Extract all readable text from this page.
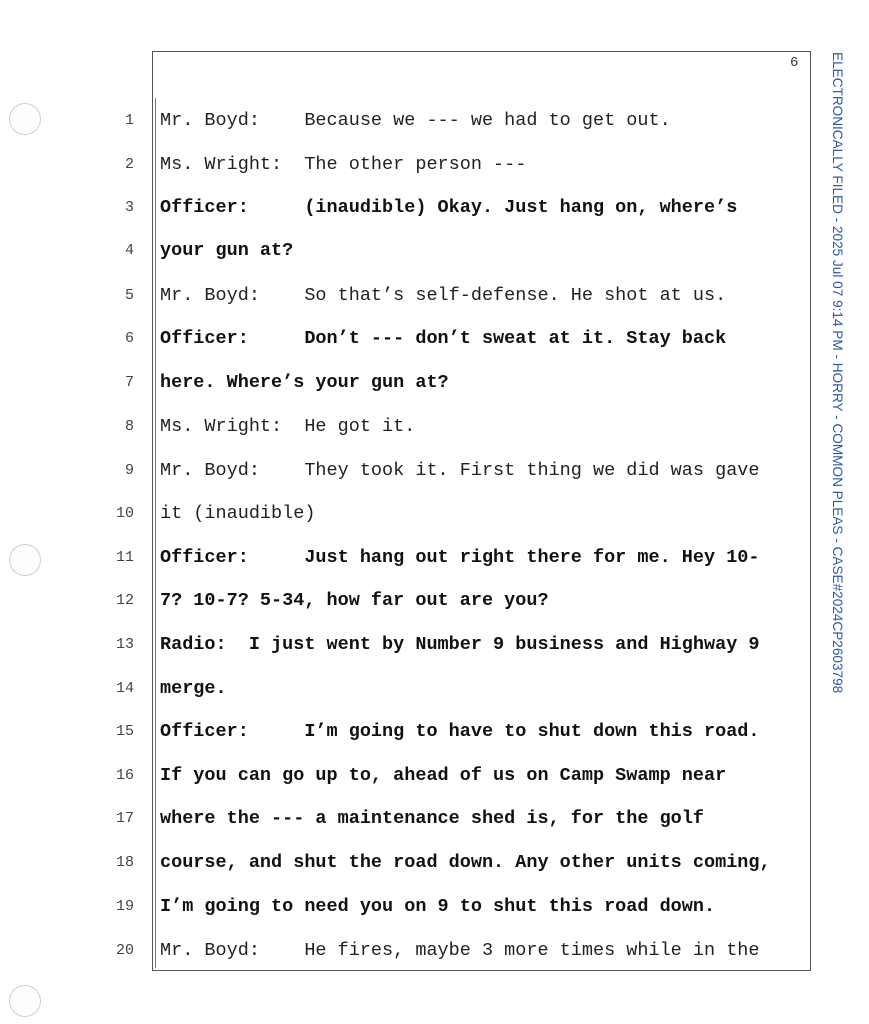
6
1 Mr. Boyd:    Because we --- we had to get out.
2 Ms. Wright:  The other person ---
3 Officer:     (inaudible) Okay. Just hang on, where’s
4 your gun at?
5 Mr. Boyd:    So that’s self-defense. He shot at us.
6 Officer:     Don’t --- don’t sweat at it. Stay back
7 here. Where’s your gun at?
8 Ms. Wright:  He got it.
9 Mr. Boyd:    They took it. First thing we did was gave
10 it (inaudible)
11 Officer:     Just hang out right there for me. Hey 10-
12 7? 10-7? 5-34, how far out are you?
13 Radio:  I just went by Number 9 business and Highway 9
14 merge.
15 Officer:     I’m going to have to shut down this road.
16 If you can go up to, ahead of us on Camp Swamp near
17 where the --- a maintenance shed is, for the golf
18 course, and shut the road down. Any other units coming,
19 I’m going to need you on 9 to shut this road down.
20 Mr. Boyd:    He fires, maybe 3 more times while in the
ELECTRONICALLY FILED - 2025 Jul 07 9:14 PM - HORRY - COMMON PLEAS - CASE#2024CP2603798
